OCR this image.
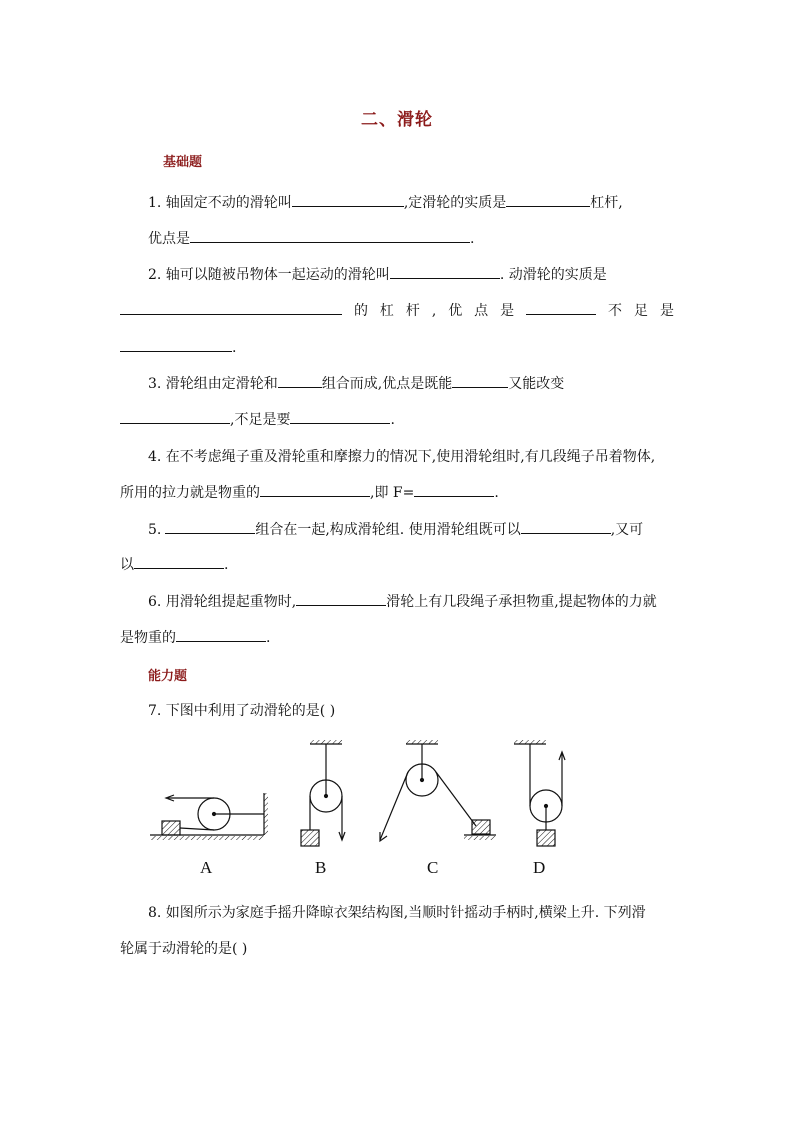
二、滑轮
基础题
1. 轴固定不动的滑轮叫	,定滑轮的实质是	杠杆,
优点是	.
2. 轴可以随被吊物体一起运动的滑轮叫	. 动滑轮的实质是
的 杠 杆 , 优 点 是	不 足 是
.
3. 滑轮组由定滑轮和	组合而成,优点是既能	又能改变
,不足是要	.
4. 在不考虑绳子重及滑轮重和摩擦力的情况下,使用滑轮组时,有几段绳子吊着物体,
所用的拉力就是物重的	,即 F=	.
5.	组合在一起,构成滑轮组. 使用滑轮组既可以	,又可
以	.
6. 用滑轮组提起重物时,	滑轮上有几段绳子承担物重,提起物体的力就
是物重的	.
能力题
7. 下图中利用了动滑轮的是( )
A	B	C	D
8. 如图所示为家庭手摇升降晾衣架结构图,当顺时针摇动手柄时,横梁上升. 下列滑
轮属于动滑轮的是( )
